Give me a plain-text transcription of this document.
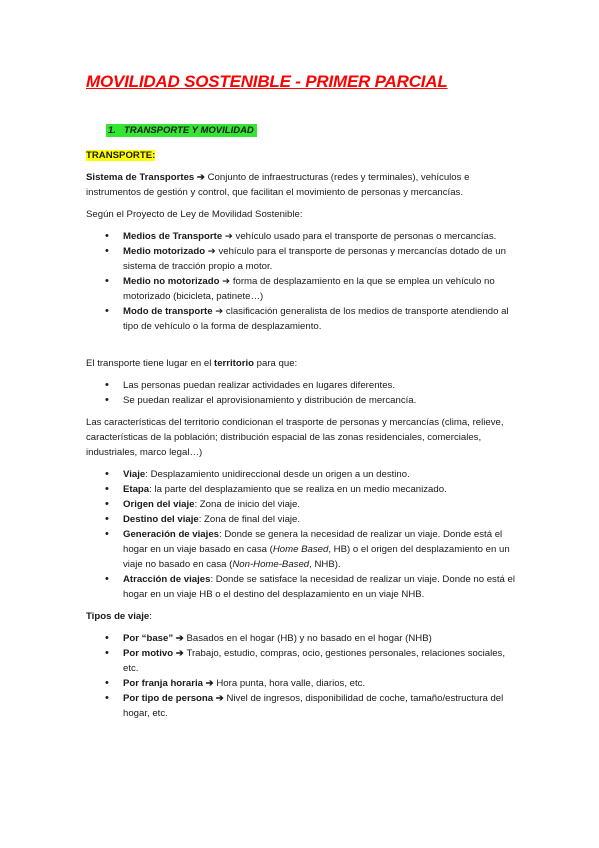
MOVILIDAD SOSTENIBLE - PRIMER PARCIAL
1. TRANSPORTE Y MOVILIDAD

TRANSPORTE:

Sistema de Transportes ➔ Conjunto de infraestructuras (redes y terminales), vehículos e instrumentos de gestión y control, que facilitan el movimiento de personas y mercancías.

Según el Proyecto de Ley de Movilidad Sostenible:

• Medios de Transporte ➔ vehículo usado para el transporte de personas o mercancías.
• Medio motorizado ➔ vehículo para el transporte de personas y mercancías dotado de un sistema de tracción propio a motor.
• Medio no motorizado ➔ forma de desplazamiento en la que se emplea un vehículo no motorizado (bicicleta, patinete…)
• Modo de transporte ➔ clasificación generalista de los medios de transporte atendiendo al tipo de vehículo o la forma de desplazamiento.

El transporte tiene lugar en el territorio para que:

• Las personas puedan realizar actividades en lugares diferentes.
• Se puedan realizar el aprovisionamiento y distribución de mercancía.

Las características del territorio condicionan el trasporte de personas y mercancías (clima, relieve, características de la población; distribución espacial de las zonas residenciales, comerciales, industriales, marco legal…)

• Viaje: Desplazamiento unidireccional desde un origen a un destino.
• Etapa: la parte del desplazamiento que se realiza en un medio mecanizado.
• Origen del viaje: Zona de inicio del viaje.
• Destino del viaje: Zona de final del viaje.
• Generación de viajes: Donde se genera la necesidad de realizar un viaje. Donde está el hogar en un viaje basado en casa (Home Based, HB) o el origen del desplazamiento en un viaje no basado en casa (Non-Home-Based, NHB).
• Atracción de viajes: Donde se satisface la necesidad de realizar un viaje. Donde no está el hogar en un viaje HB o el destino del desplazamiento en un viaje NHB.

Tipos de viaje:

• Por “base” ➔ Basados en el hogar (HB) y no basado en el hogar (NHB)
• Por motivo ➔ Trabajo, estudio, compras, ocio, gestiones personales, relaciones sociales, etc.
• Por franja horaria ➔ Hora punta, hora valle, diarios, etc.
• Por tipo de persona ➔ Nivel de ingresos, disponibilidad de coche, tamaño/estructura del hogar, etc.
